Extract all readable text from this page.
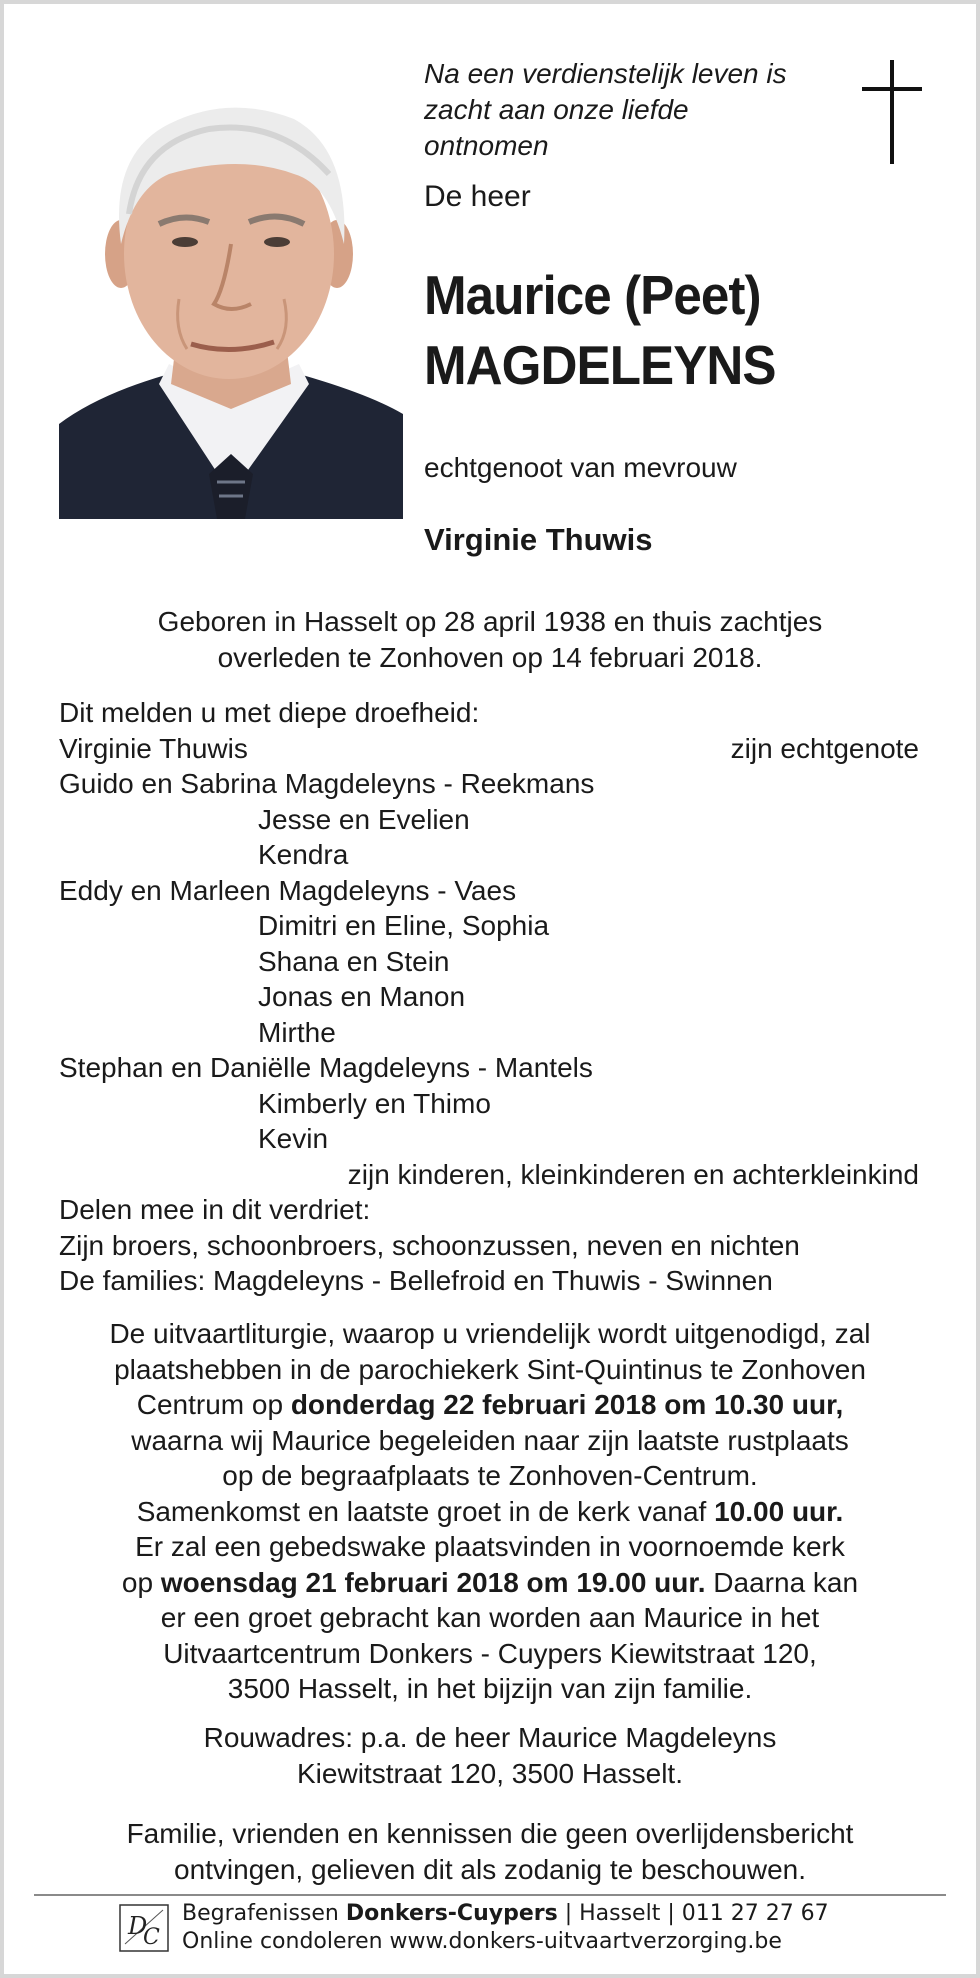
Na een verdienstelijk leven is
zacht aan onze liefde
ontnomen
De heer
Maurice (Peet)
MAGDELEYNS
echtgenoot van mevrouw
Virginie Thuwis
Geboren in Hasselt op 28 april 1938 en thuis zachtjes
overleden te Zonhoven op 14 februari 2018.
Dit melden u met diepe droefheid:
Virginie Thuwis	zijn echtgenote
Guido en Sabrina Magdeleyns - Reekmans
Jesse en Evelien
Kendra
Eddy en Marleen Magdeleyns - Vaes
Dimitri en Eline, Sophia
Shana en Stein
Jonas en Manon
Mirthe
Stephan en Daniëlle Magdeleyns - Mantels
Kimberly en Thimo
Kevin
zijn kinderen, kleinkinderen en achterkleinkind
Delen mee in dit verdriet:
Zijn broers, schoonbroers, schoonzussen, neven en nichten
De families: Magdeleyns - Bellefroid en Thuwis - Swinnen
De uitvaartliturgie, waarop u vriendelijk wordt uitgenodigd, zal
plaatshebben in de parochiekerk Sint-Quintinus te Zonhoven
Centrum op donderdag 22 februari 2018 om 10.30 uur,
waarna wij Maurice begeleiden naar zijn laatste rustplaats
op de begraafplaats te Zonhoven-Centrum.
Samenkomst en laatste groet in de kerk vanaf 10.00 uur.
Er zal een gebedswake plaatsvinden in voornoemde kerk
op woensdag 21 februari 2018 om 19.00 uur. Daarna kan
er een groet gebracht kan worden aan Maurice in het
Uitvaartcentrum Donkers - Cuypers Kiewitstraat 120,
3500 Hasselt, in het bijzijn van zijn familie.
Rouwadres: p.a. de heer Maurice Magdeleyns
Kiewitstraat 120, 3500 Hasselt.
Familie, vrienden en kennissen die geen overlijdensbericht
ontvingen, gelieven dit als zodanig te beschouwen.
D
C
Begrafenissen Donkers-Cuypers | Hasselt | 011 27 27 67
Online condoleren www.donkers-uitvaartverzorging.be
